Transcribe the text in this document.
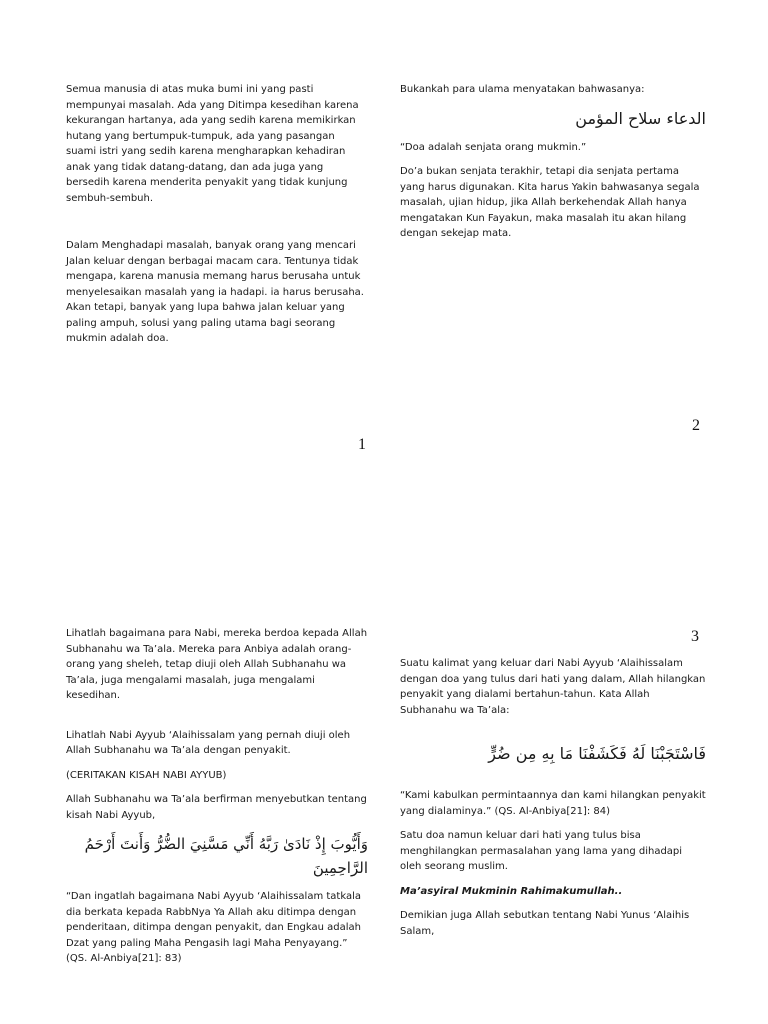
Semua manusia di atas muka bumi ini yang pasti mempunyai masalah. Ada yang Ditimpa kesedihan karena kekurangan hartanya, ada yang sedih karena memikirkan hutang yang bertumpuk-tumpuk, ada yang pasangan suami istri yang sedih karena mengharapkan kehadiran anak yang tidak datang-datang, dan ada juga yang bersedih karena menderita penyakit yang tidak kunjung sembuh-sembuh.

Dalam Menghadapi masalah, banyak orang yang mencari Jalan keluar dengan berbagai macam cara. Tentunya tidak mengapa, karena manusia memang harus berusaha untuk menyelesaikan masalah yang ia hadapi. ia harus berusaha. Akan tetapi, banyak yang lupa bahwa jalan keluar yang paling ampuh, solusi yang paling utama bagi seorang mukmin adalah doa.

1

Bukankah para ulama menyatakan bahwasanya:

الدعاء سلاح المؤمن

“Doa adalah senjata orang mukmin.”

Do’a bukan senjata terakhir, tetapi dia senjata pertama yang harus digunakan. Kita harus Yakin bahwasanya segala masalah, ujian hidup, jika Allah berkehendak Allah hanya mengatakan Kun Fayakun, maka masalah itu akan hilang dengan sekejap mata.

2
3

Lihatlah bagaimana para Nabi, mereka berdoa kepada Allah Subhanahu wa Ta’ala. Mereka para Anbiya adalah orang-orang yang sheleh, tetap diuji oleh Allah Subhanahu wa Ta’ala, juga mengalami masalah, juga mengalami kesedihan.

Lihatlah Nabi Ayyub ‘Alaihissalam yang pernah diuji oleh Allah Subhanahu wa Ta’ala dengan penyakit.

(CERITAKAN KISAH NABI AYYUB)

Allah Subhanahu wa Ta’ala berfirman menyebutkan tentang kisah Nabi Ayyub,

وَأَيُّوبَ إِذْ نَادَىٰ رَبَّهُ أَنِّي مَسَّنِيَ الضُّرُّ وَأَنتَ أَرْحَمُ الرَّاحِمِينَ

“Dan ingatlah bagaimana Nabi Ayyub ‘Alaihissalam tatkala dia berkata kepada RabbNya Ya Allah aku ditimpa dengan penderitaan, ditimpa dengan penyakit, dan Engkau adalah Dzat yang paling Maha Pengasih lagi Maha Penyayang.” (QS. Al-Anbiya[21]: 83)

Suatu kalimat yang keluar dari Nabi Ayyub ‘Alaihissalam dengan doa yang tulus dari hati yang dalam, Allah hilangkan penyakit yang dialami bertahun-tahun. Kata Allah Subhanahu wa Ta’ala:

فَاسْتَجَبْنَا لَهُ فَكَشَفْنَا مَا بِهِ مِن ضُرٍّ

“Kami kabulkan permintaannya dan kami hilangkan penyakit yang dialaminya.” (QS. Al-Anbiya[21]: 84)

Satu doa namun keluar dari hati yang tulus bisa menghilangkan permasalahan yang lama yang dihadapi oleh seorang muslim.

Ma’asyiral Mukminin Rahimakumullah..

Demikian juga Allah sebutkan tentang Nabi Yunus ‘Alaihis Salam,
